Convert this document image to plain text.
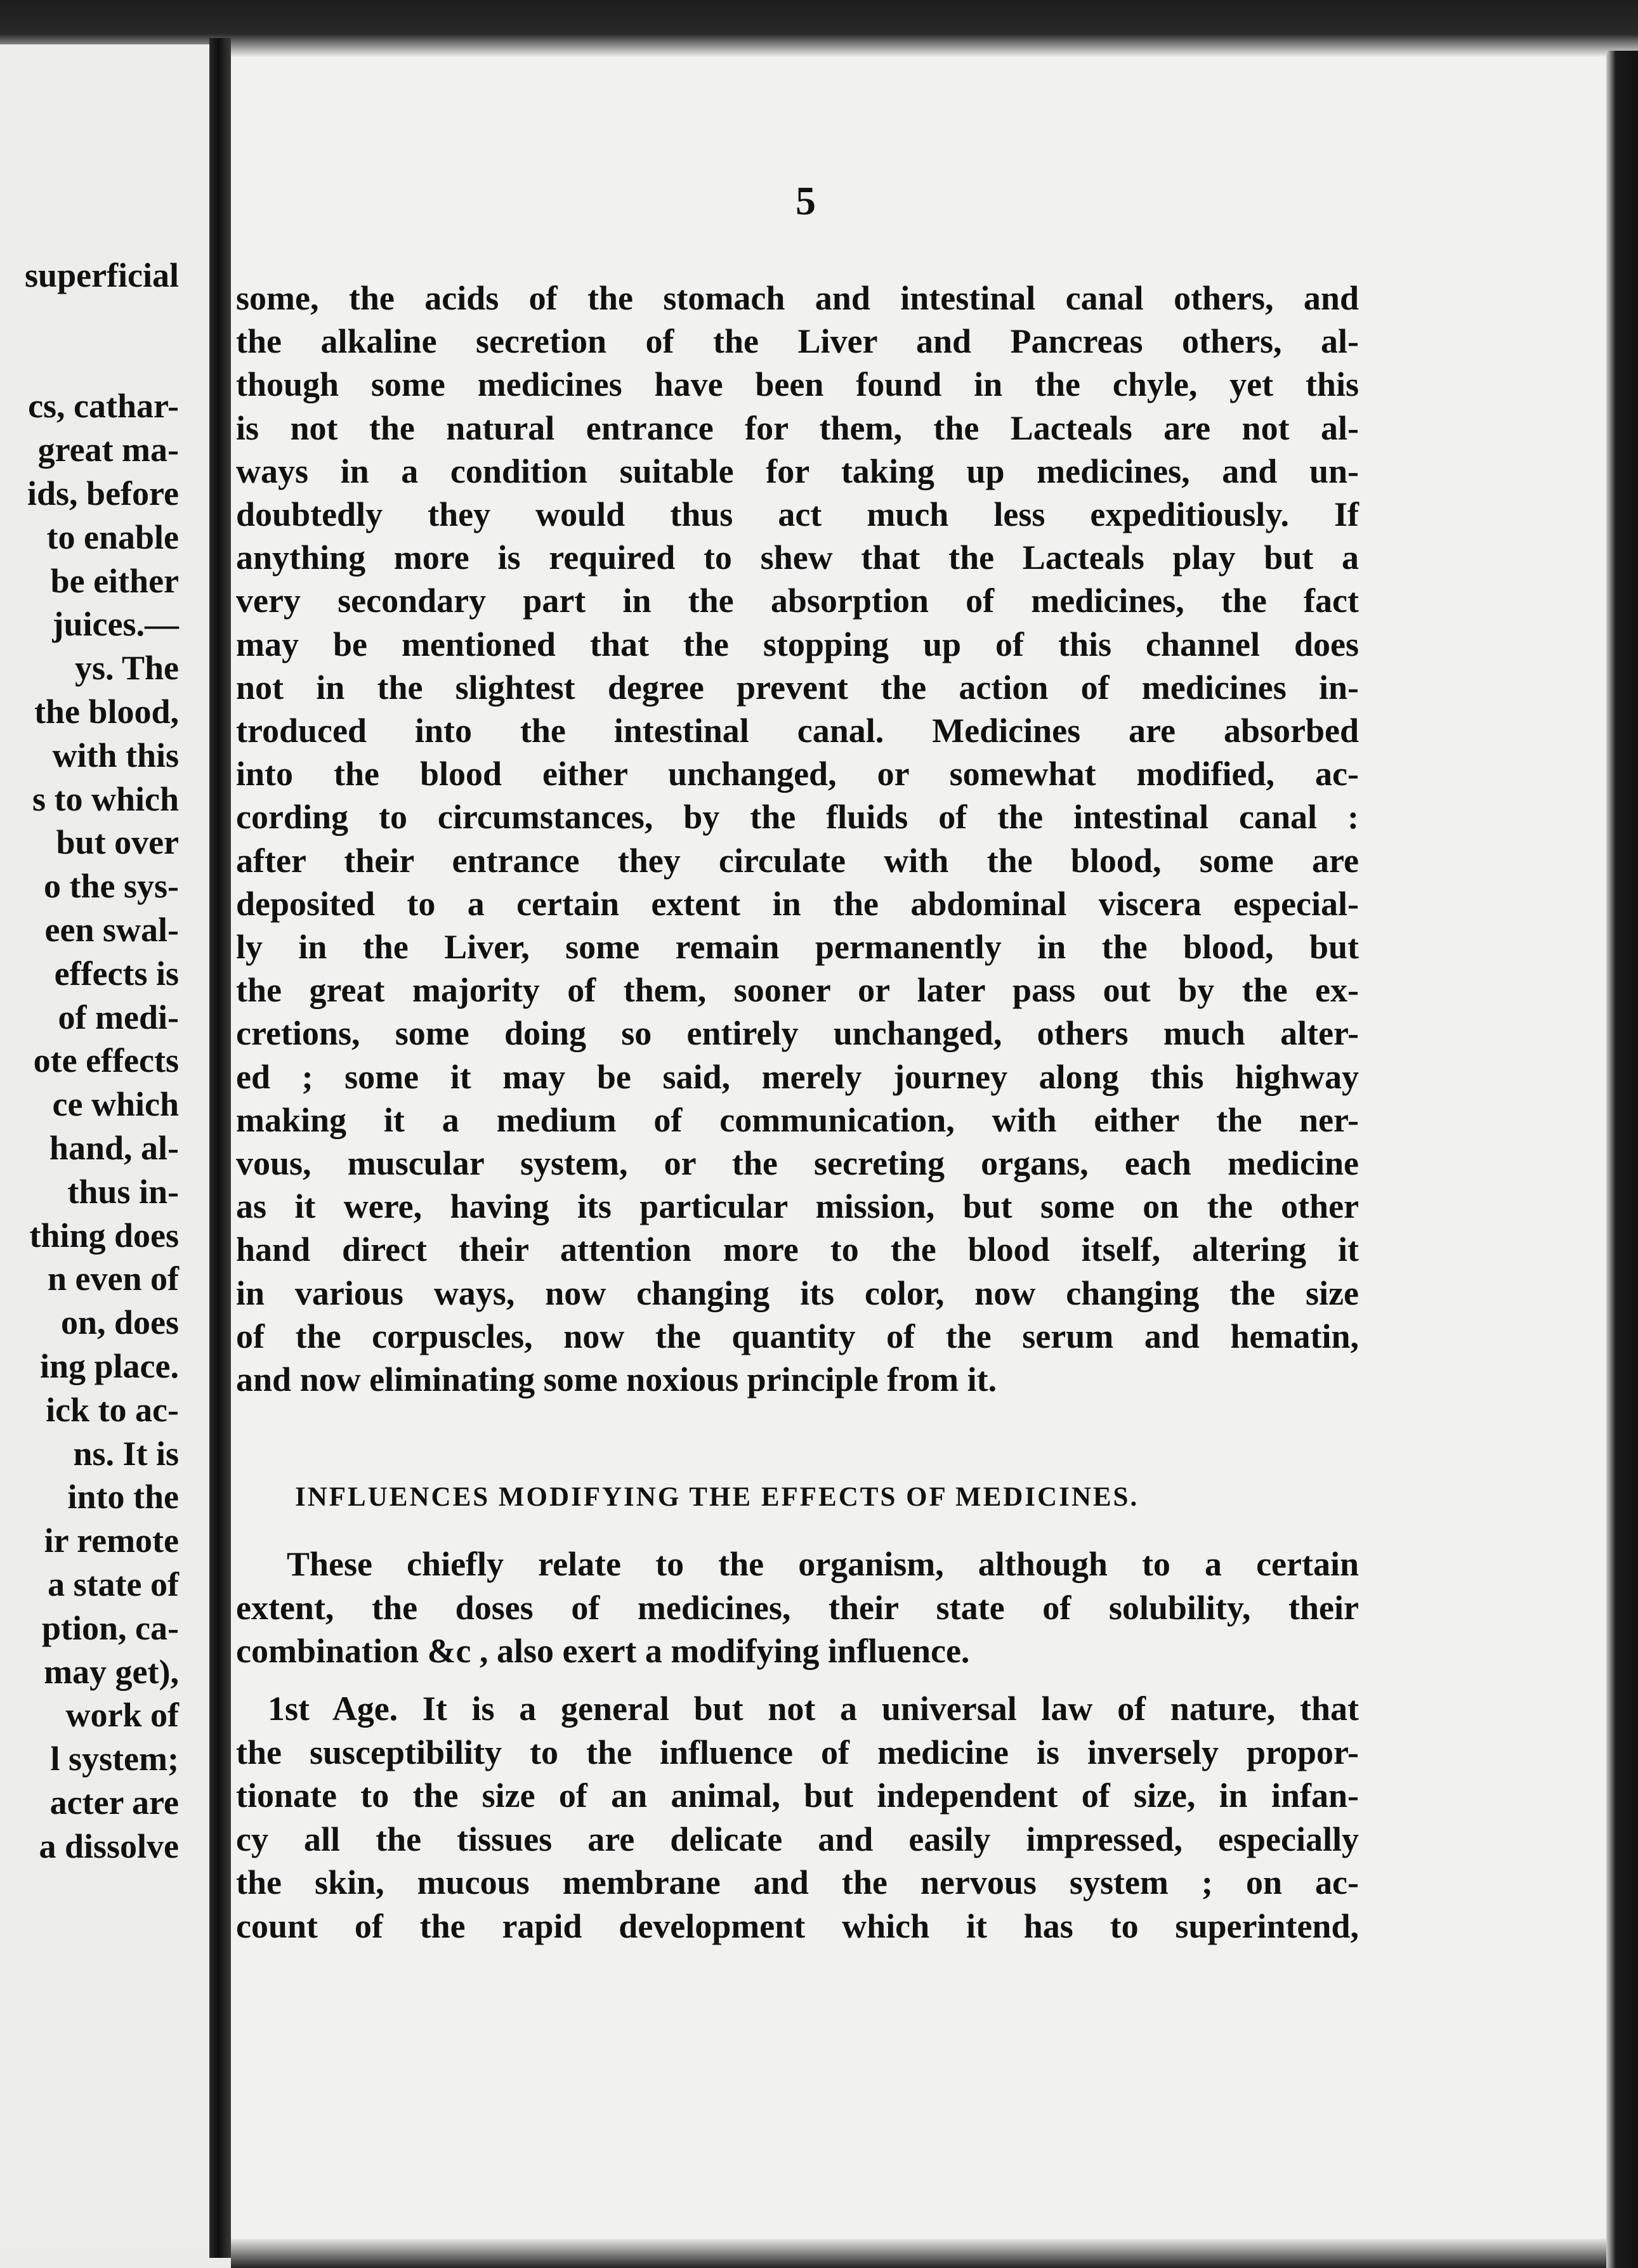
superficial

cs, cathar-
great ma-
ids, before
to enable
be either
juices.—
ys. The
the blood,
with this
s to which
but over
o the sys-
een swal-
effects is
of medi-
ote effects
ce which
hand, al-
thus in-
thing does
n even of
on, does
ing place.
ick to ac-
ns. It is
into the
ir remote
a state of
ption, ca-
may get),
work of
l system;
acter are
a dissolve
5
some, the acids of the stomach and intestinal canal others, and
the alkaline secretion of the Liver and Pancreas others, al-
though some medicines have been found in the chyle, yet this
is not the natural entrance for them, the Lacteals are not al-
ways in a condition suitable for taking up medicines, and un-
doubtedly they would thus act much less expeditiously. If
anything more is required to shew that the Lacteals play but a
very secondary part in the absorption of medicines, the fact
may be mentioned that the stopping up of this channel does
not in the slightest degree prevent the action of medicines in-
troduced into the intestinal canal. Medicines are absorbed
into the blood either unchanged, or somewhat modified, ac-
cording to circumstances, by the fluids of the intestinal canal :
after their entrance they circulate with the blood, some are
deposited to a certain extent in the abdominal viscera especial-
ly in the Liver, some remain permanently in the blood, but
the great majority of them, sooner or later pass out by the ex-
cretions, some doing so entirely unchanged, others much alter-
ed ; some it may be said, merely journey along this highway
making it a medium of communication, with either the ner-
vous, muscular system, or the secreting organs, each medicine
as it were, having its particular mission, but some on the other
hand direct their attention more to the blood itself, altering it
in various ways, now changing its color, now changing the size
of the corpuscles, now the quantity of the serum and hematin,
and now eliminating some noxious principle from it.
INFLUENCES MODIFYING THE EFFECTS OF MEDICINES.
These chiefly relate to the organism, although to a certain
extent, the doses of medicines, their state of solubility, their
combination &c , also exert a modifying influence.
1st Age. It is a general but not a universal law of nature, that
the susceptibility to the influence of medicine is inversely propor-
tionate to the size of an animal, but independent of size, in infan-
cy all the tissues are delicate and easily impressed, especially
the skin, mucous membrane and the nervous system ; on ac-
count of the rapid development which it has to superintend,
